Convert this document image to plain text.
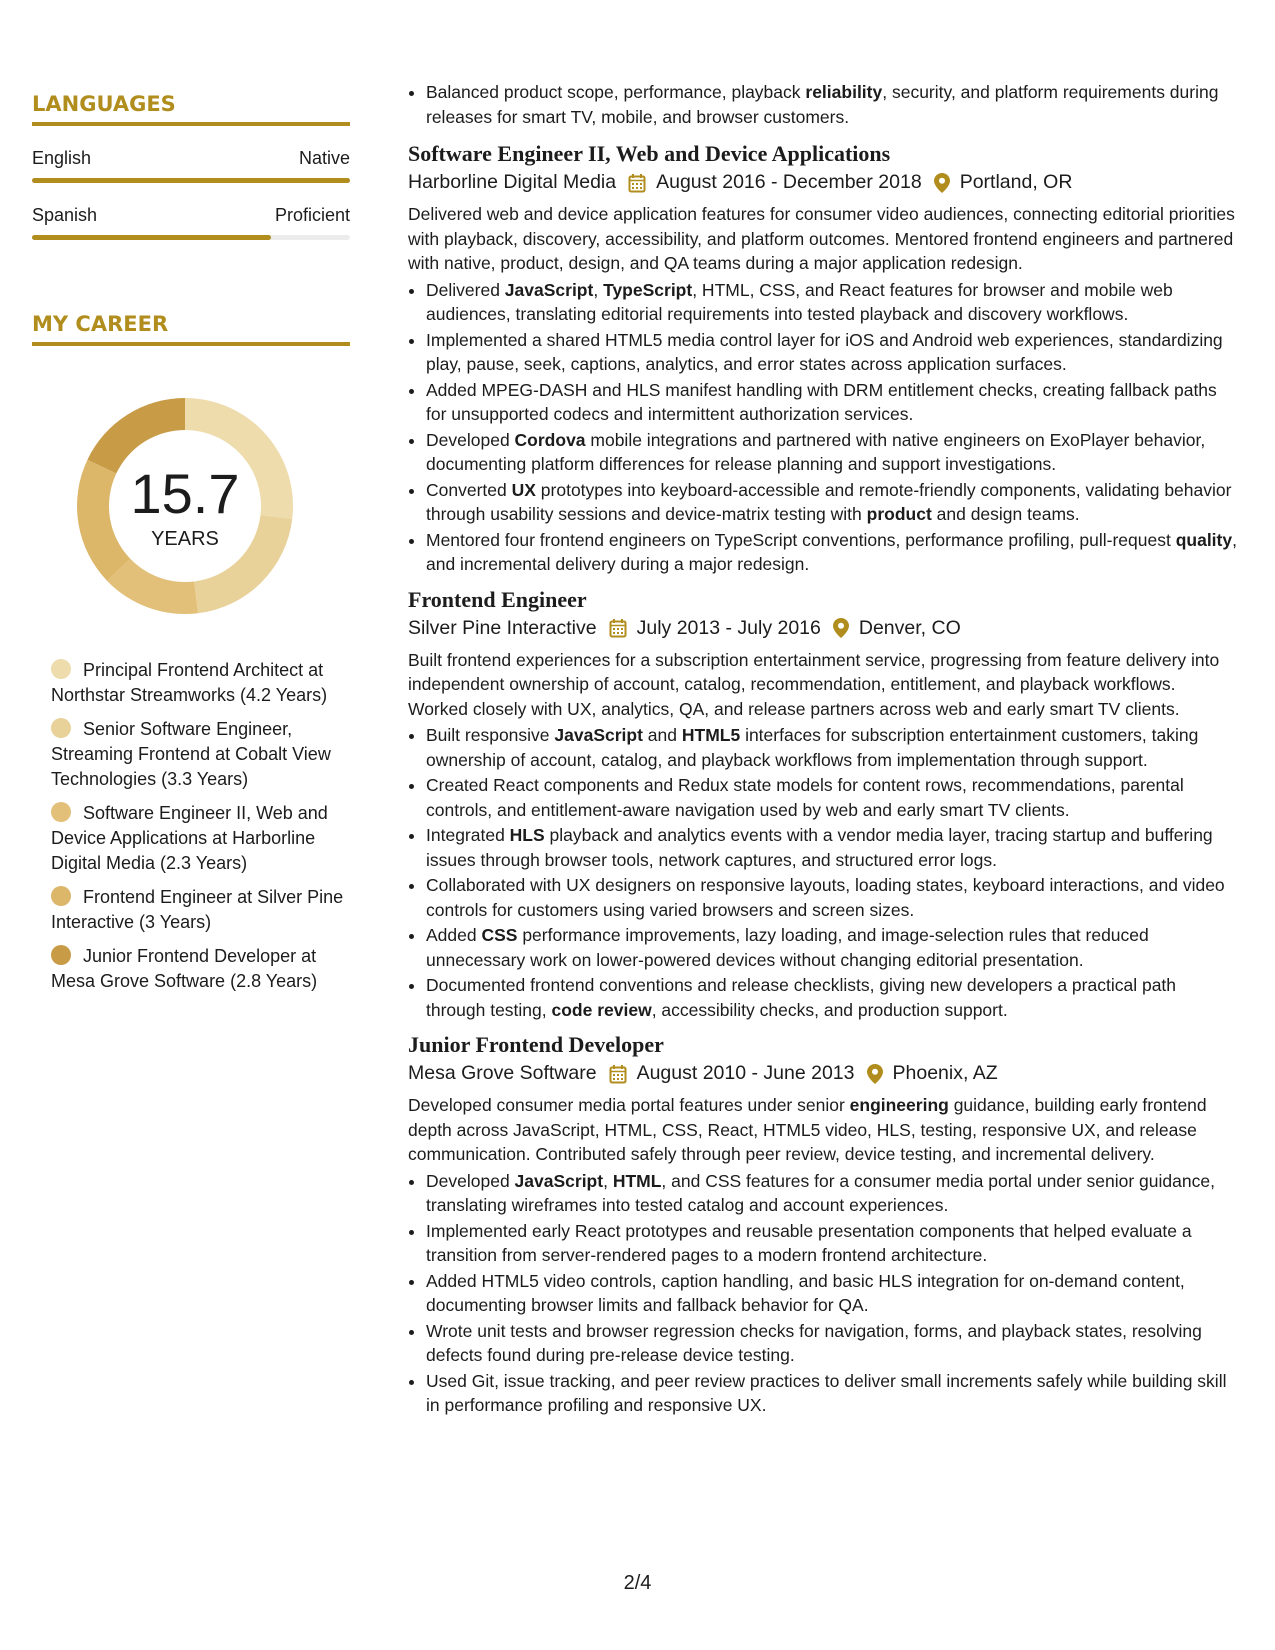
LANGUAGES
English	Native
Spanish	Proficient
MY CAREER
15.7
YEARS
Principal Frontend Architect at Northstar Streamworks (4.2 Years)
Senior Software Engineer, Streaming Frontend at Cobalt View Technologies (3.3 Years)
Software Engineer II, Web and Device Applications at Harborline Digital Media (2.3 Years)
Frontend Engineer at Silver Pine Interactive (3 Years)
Junior Frontend Developer at Mesa Grove Software (2.8 Years)
• Balanced product scope, performance, playback reliability, security, and platform requirements during releases for smart TV, mobile, and browser customers.
Software Engineer II, Web and Device Applications
Harborline Digital Media August 2016 - December 2018 Portland, OR

Delivered web and device application features for consumer video audiences, connecting editorial priorities with playback, discovery, accessibility, and platform outcomes. Mentored frontend engineers and partnered with native, product, design, and QA teams during a major application redesign.

• Delivered JavaScript, TypeScript, HTML, CSS, and React features for browser and mobile web audiences, translating editorial requirements into tested playback and discovery workflows.
• Implemented a shared HTML5 media control layer for iOS and Android web experiences, standardizing play, pause, seek, captions, analytics, and error states across application surfaces.
• Added MPEG-DASH and HLS manifest handling with DRM entitlement checks, creating fallback paths for unsupported codecs and intermittent authorization services.
• Developed Cordova mobile integrations and partnered with native engineers on ExoPlayer behavior, documenting platform differences for release planning and support investigations.
• Converted UX prototypes into keyboard-accessible and remote-friendly components, validating behavior through usability sessions and device-matrix testing with product and design teams.
• Mentored four frontend engineers on TypeScript conventions, performance profiling, pull-request quality, and incremental delivery during a major redesign.
Frontend Engineer
Silver Pine Interactive July 2013 - July 2016 Denver, CO

Built frontend experiences for a subscription entertainment service, progressing from feature delivery into independent ownership of account, catalog, recommendation, entitlement, and playback workflows. Worked closely with UX, analytics, QA, and release partners across web and early smart TV clients.

• Built responsive JavaScript and HTML5 interfaces for subscription entertainment customers, taking ownership of account, catalog, and playback workflows from implementation through support.
• Created React components and Redux state models for content rows, recommendations, parental controls, and entitlement-aware navigation used by web and early smart TV clients.
• Integrated HLS playback and analytics events with a vendor media layer, tracing startup and buffering issues through browser tools, network captures, and structured error logs.
• Collaborated with UX designers on responsive layouts, loading states, keyboard interactions, and video controls for customers using varied browsers and screen sizes.
• Added CSS performance improvements, lazy loading, and image-selection rules that reduced unnecessary work on lower-powered devices without changing editorial presentation.
• Documented frontend conventions and release checklists, giving new developers a practical path through testing, code review, accessibility checks, and production support.
Junior Frontend Developer
Mesa Grove Software August 2010 - June 2013 Phoenix, AZ

Developed consumer media portal features under senior engineering guidance, building early frontend depth across JavaScript, HTML, CSS, React, HTML5 video, HLS, testing, responsive UX, and release communication. Contributed safely through peer review, device testing, and incremental delivery.

• Developed JavaScript, HTML, and CSS features for a consumer media portal under senior guidance, translating wireframes into tested catalog and account experiences.
• Implemented early React prototypes and reusable presentation components that helped evaluate a transition from server-rendered pages to a modern frontend architecture.
• Added HTML5 video controls, caption handling, and basic HLS integration for on-demand content, documenting browser limits and fallback behavior for QA.
• Wrote unit tests and browser regression checks for navigation, forms, and playback states, resolving defects found during pre-release device testing.
• Used Git, issue tracking, and peer review practices to deliver small increments safely while building skill in performance profiling and responsive UX.
2/4
